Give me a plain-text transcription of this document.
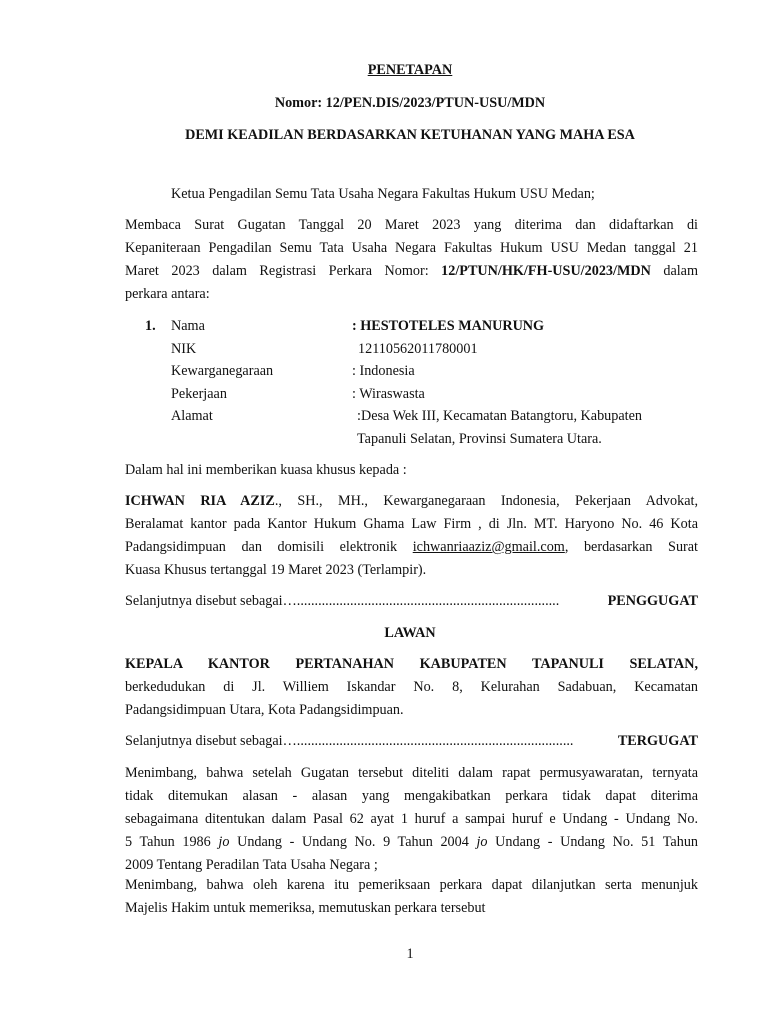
PENETAPAN
Nomor: 12/PEN.DIS/2023/PTUN-USU/MDN
DEMI KEADILAN BERDASARKAN KETUHANAN YANG MAHA ESA
Ketua Pengadilan Semu Tata Usaha Negara Fakultas Hukum USU Medan;
Membaca Surat Gugatan Tanggal 20 Maret 2023 yang diterima dan didaftarkan di
Kepaniteraan Pengadilan Semu Tata Usaha Negara Fakultas Hukum USU Medan tanggal 21
Maret 2023 dalam Registrasi Perkara Nomor: 12/PTUN/HK/FH-USU/2023/MDN dalam
perkara antara:
1. Nama	: HESTOTELES MANURUNG
NIK	12110562011780001
Kewarganegaraan	: Indonesia
Pekerjaan	: Wiraswasta
Alamat	:Desa Wek III, Kecamatan Batangtoru, Kabupaten
Tapanuli Selatan, Provinsi Sumatera Utara.
Dalam hal ini memberikan kuasa khusus kepada :
ICHWAN RIA AZIZ., SH., MH., Kewarganegaraan Indonesia, Pekerjaan Advokat,
Beralamat kantor pada Kantor Hukum Ghama Law Firm , di Jln. MT. Haryono No. 46 Kota
Padangsidimpuan dan domisili elektronik ichwanriaaziz@gmail.com, berdasarkan Surat
Kuasa Khusus tertanggal 19 Maret 2023 (Terlampir).
Selanjutnya disebut sebagai…..........................................................................	PENGGUGAT
LAWAN
KEPALA KANTOR PERTANAHAN KABUPATEN TAPANULI SELATAN,
berkedudukan di Jl. Williem Iskandar No. 8, Kelurahan Sadabuan, Kecamatan
Padangsidimpuan Utara, Kota Padangsidimpuan.
Selanjutnya disebut sebagai…..............................................................................	TERGUGAT
Menimbang, bahwa setelah Gugatan tersebut diteliti dalam rapat permusyawaratan, ternyata
tidak ditemukan alasan - alasan yang mengakibatkan perkara tidak dapat diterima
sebagaimana ditentukan dalam Pasal 62 ayat 1 huruf a sampai huruf e Undang - Undang No.
5 Tahun 1986 jo Undang - Undang No. 9 Tahun 2004 jo Undang - Undang No. 51 Tahun
2009 Tentang Peradilan Tata Usaha Negara ;
Menimbang, bahwa oleh karena itu pemeriksaan perkara dapat dilanjutkan serta menunjuk
Majelis Hakim untuk memeriksa, memutuskan perkara tersebut
1
